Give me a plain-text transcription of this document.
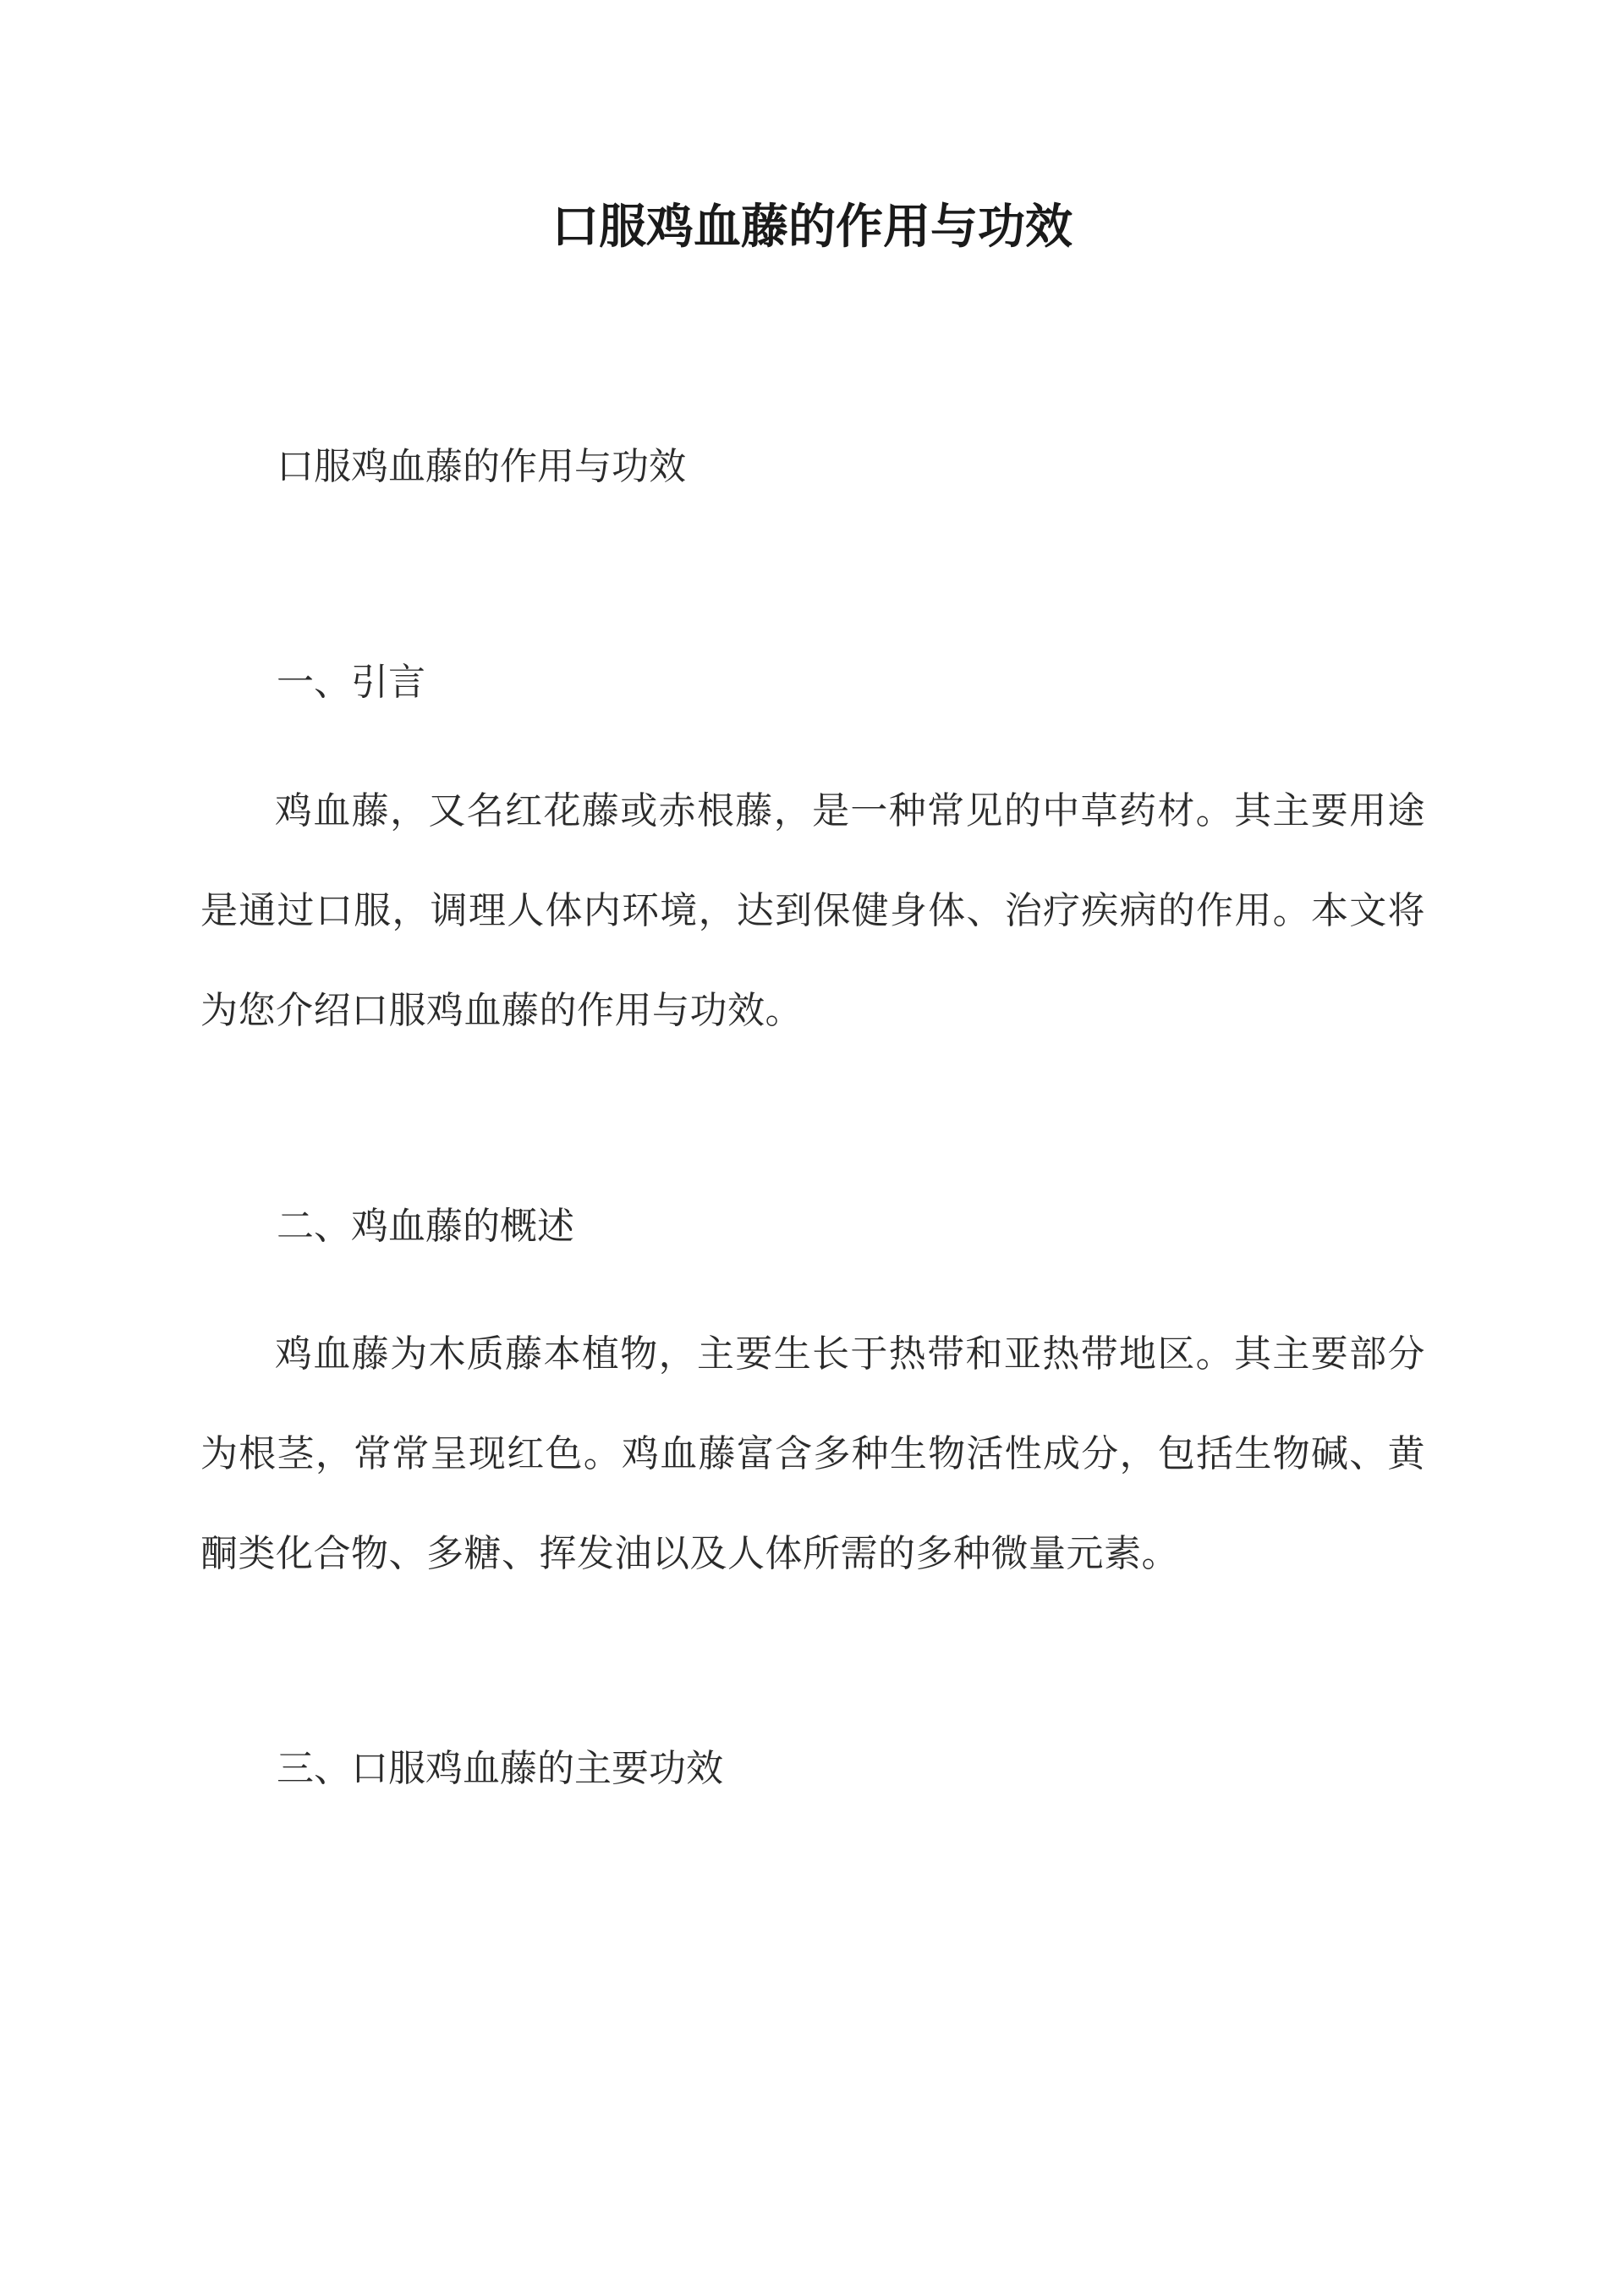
口服鸡血藤的作用与功效

口服鸡血藤的作用与功效

一、引言

鸡血藤，又名红花藤或赤根藤，是一种常见的中草药材。其主要用途是通过口服，调理人体内环境，达到保健身体、治疗疾病的作用。本文将为您介绍口服鸡血藤的作用与功效。

二、鸡血藤的概述

鸡血藤为木质藤本植物，主要生长于热带和亚热带地区。其主要部分为根茎，常常呈现红色。鸡血藤富含多种生物活性成分，包括生物碱、黄酮类化合物、多糖、挥发油以及人体所需的多种微量元素。

三、口服鸡血藤的主要功效
